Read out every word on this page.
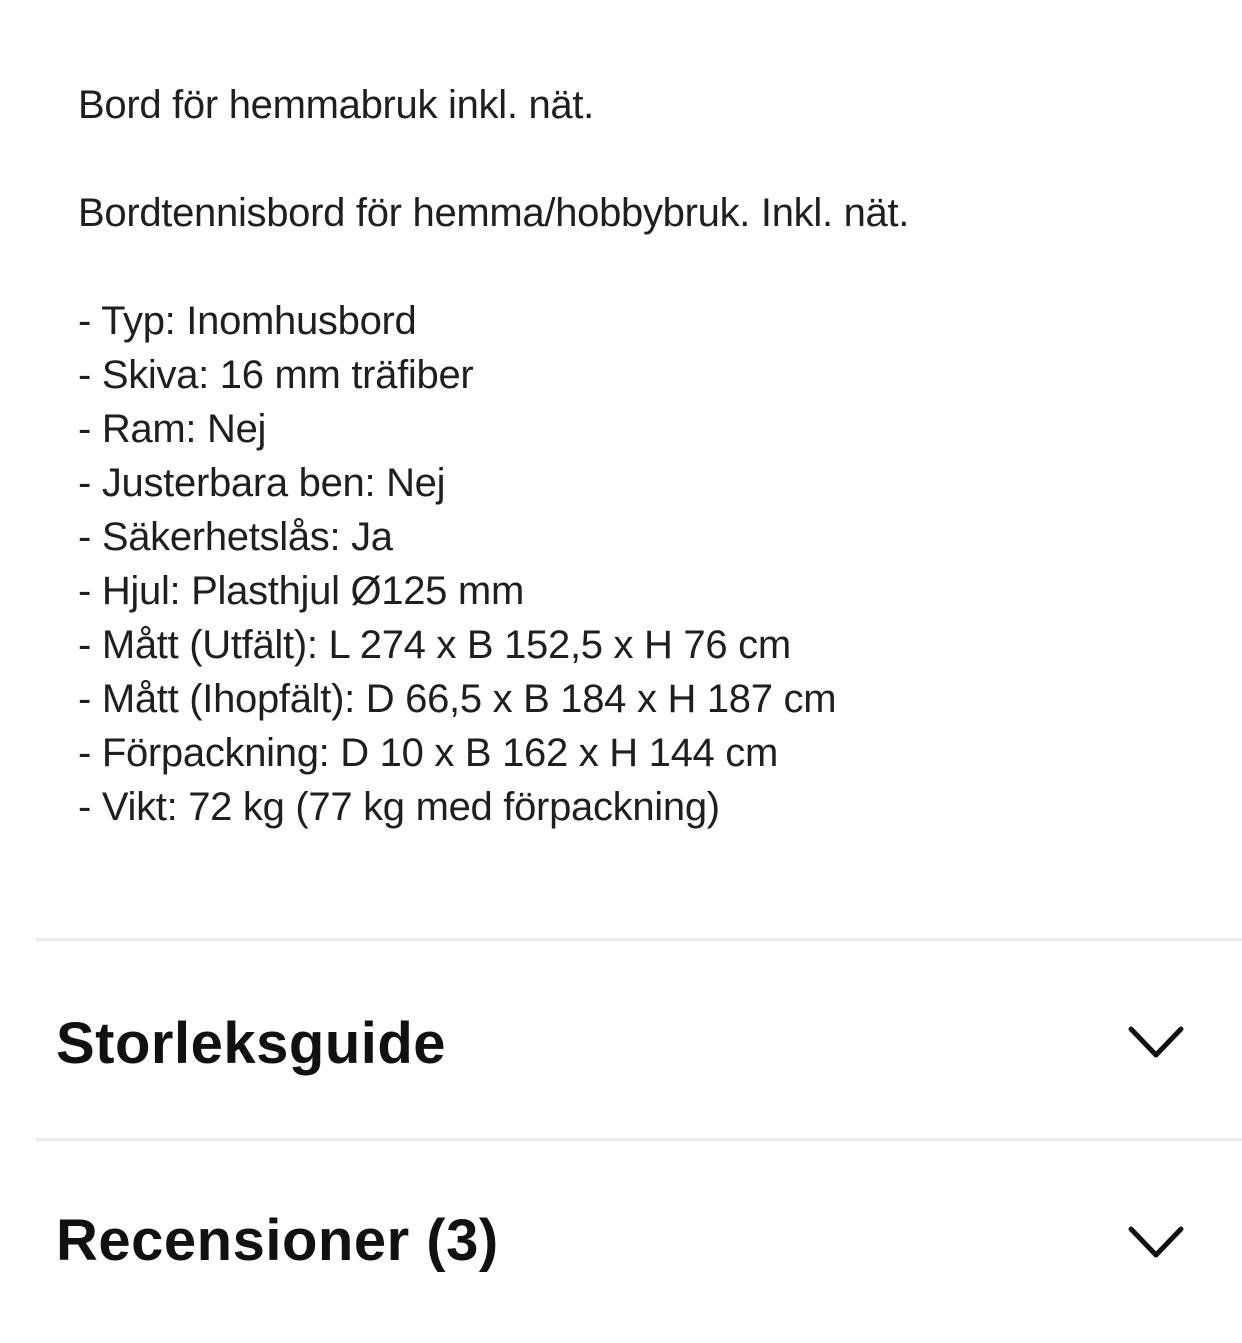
Bord för hemmabruk inkl. nät.

Bordtennisbord för hemma/hobbybruk. Inkl. nät.

- Typ: Inomhusbord
- Skiva: 16 mm träfiber
- Ram: Nej
- Justerbara ben: Nej
- Säkerhetslås: Ja
- Hjul: Plasthjul Ø125 mm
- Mått (Utfält): L 274 x B 152,5 x H 76 cm
- Mått (Ihopfält): D 66,5 x B 184 x H 187 cm
- Förpackning: D 10 x B 162 x H 144 cm
- Vikt: 72 kg (77 kg med förpackning)
Storleksguide
Recensioner (3)
